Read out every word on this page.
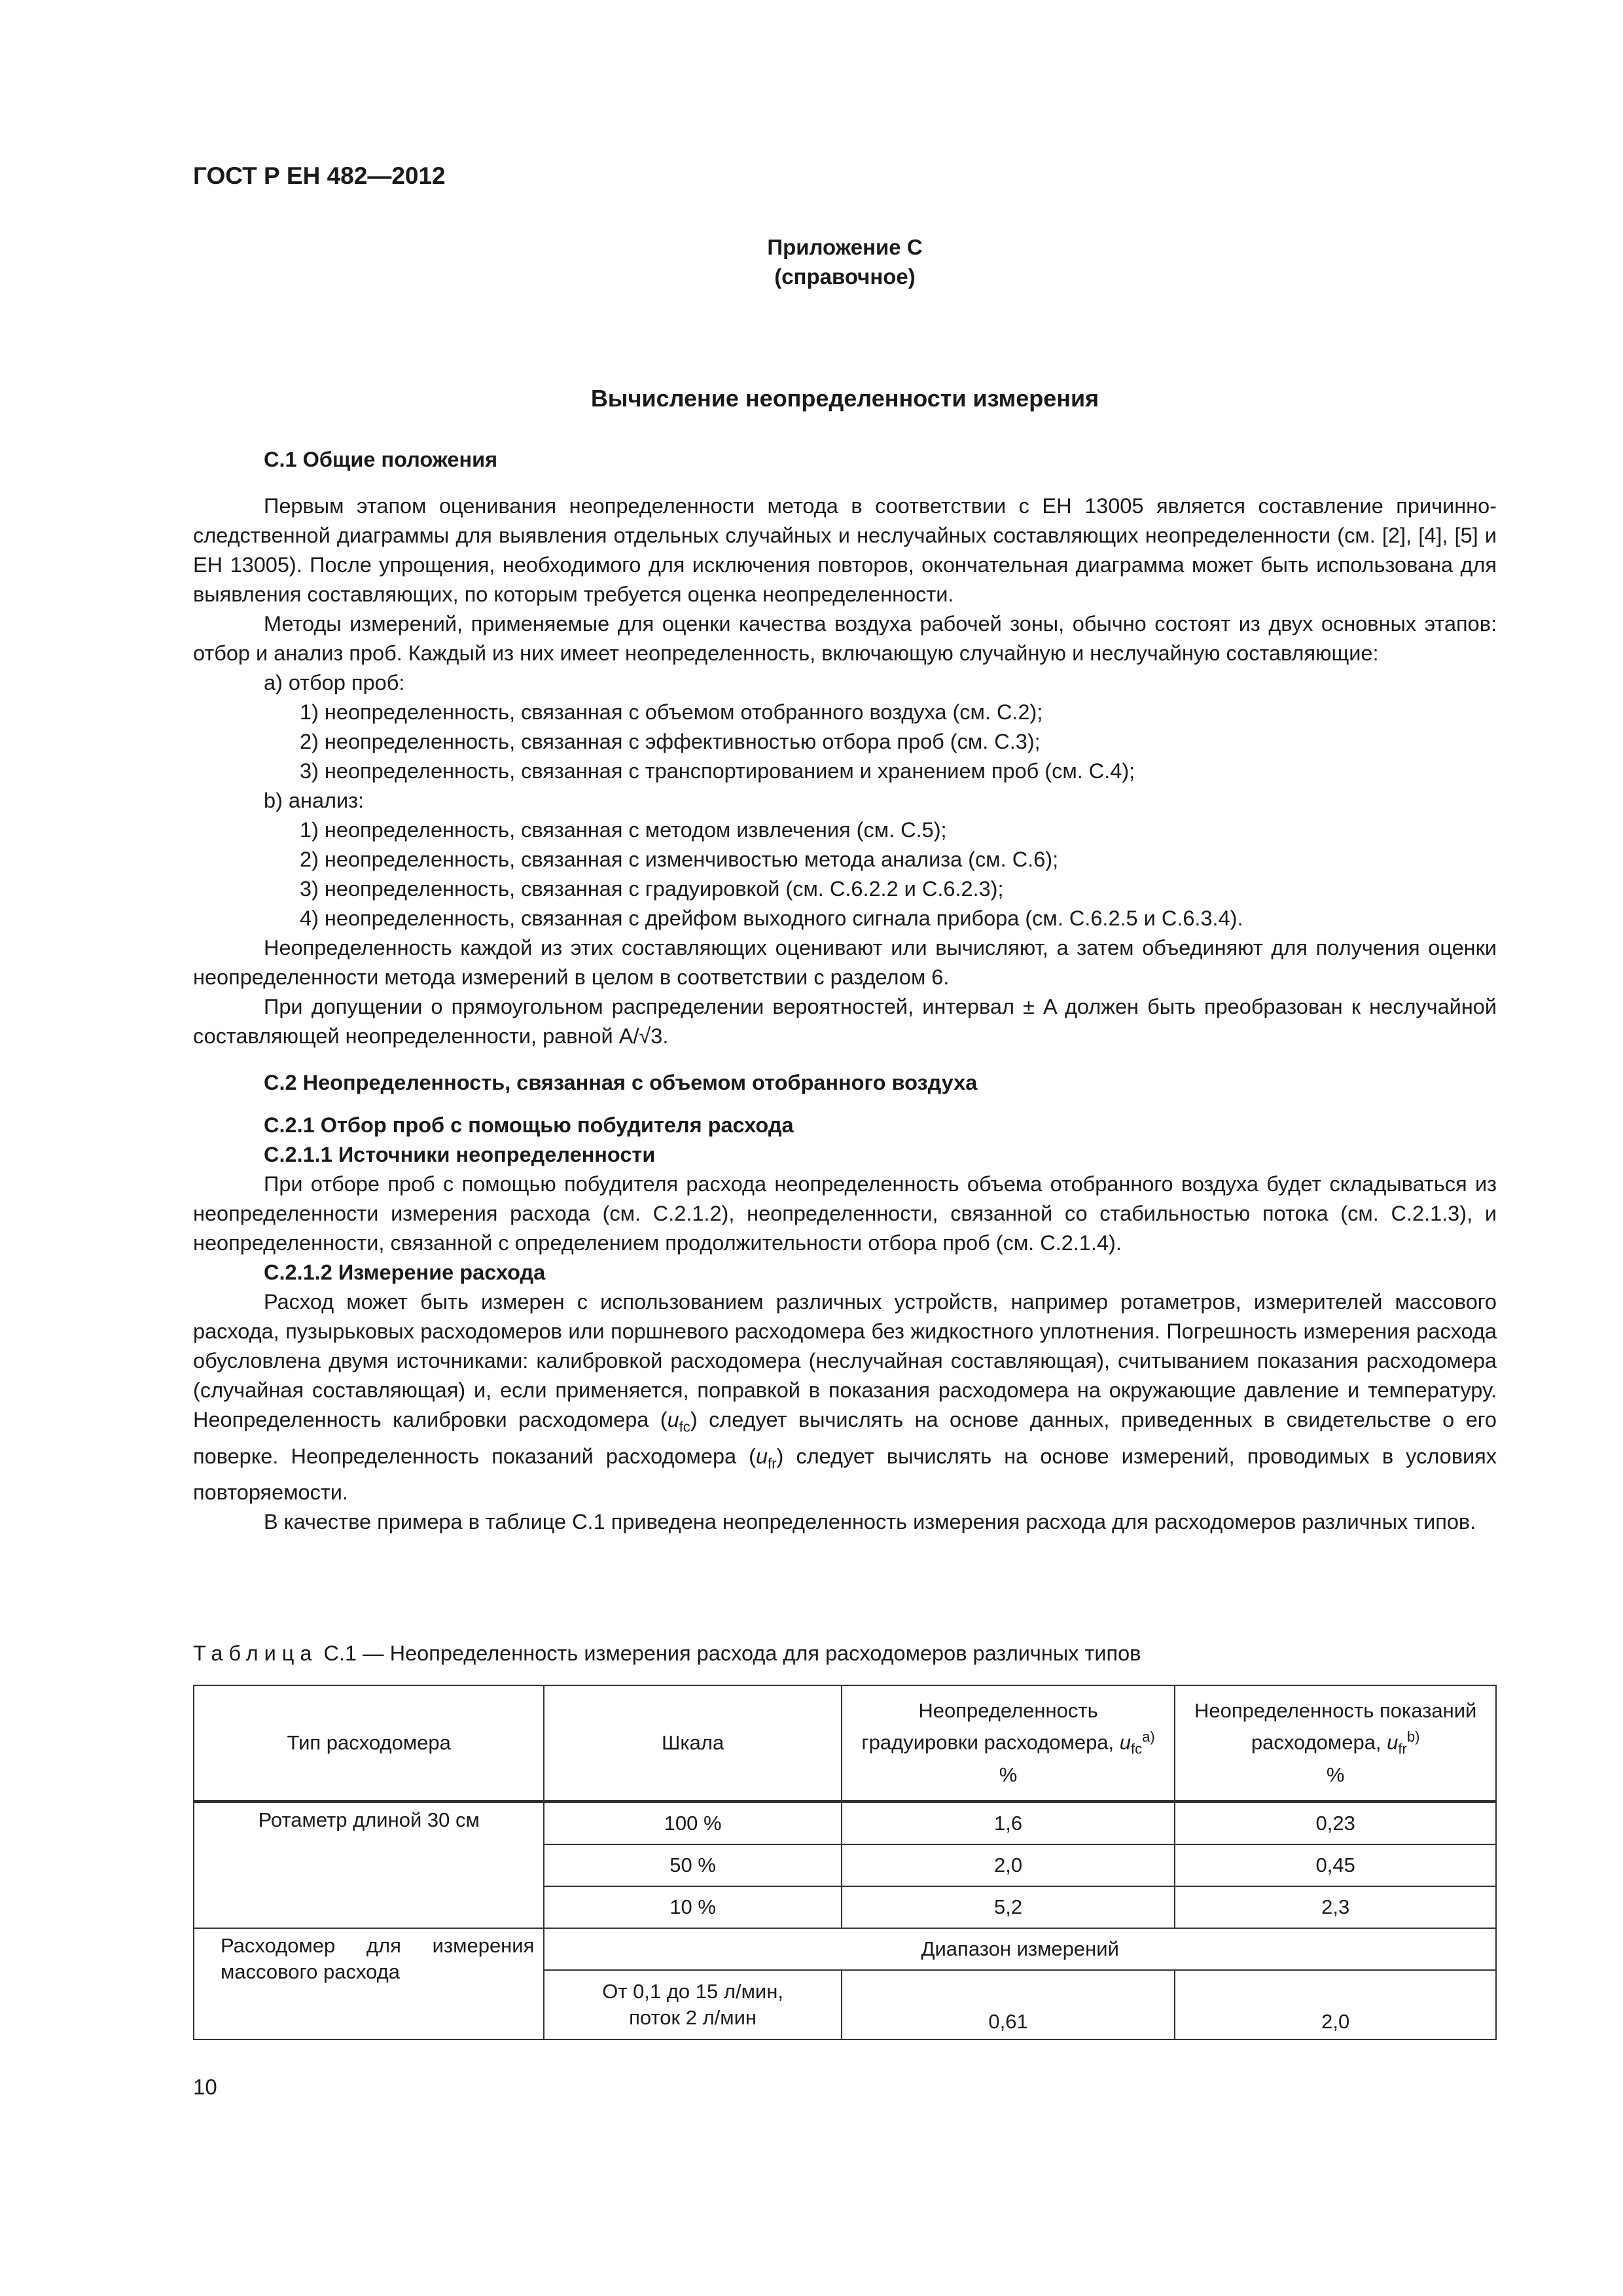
ГОСТ Р ЕН 482—2012
Приложение С
(справочное)
Вычисление неопределенности измерения

С.1 Общие положения

Первым этапом оценивания неопределенности метода в соответствии с ЕН 13005 является составление причинно-следственной диаграммы для выявления отдельных случайных и неслучайных составляющих неопределенности (см. [2], [4], [5] и ЕН 13005). После упрощения, необходимого для исключения повторов, окончательная диаграмма может быть использована для выявления составляющих, по которым требуется оценка неопределенности.

Методы измерений, применяемые для оценки качества воздуха рабочей зоны, обычно состоят из двух основных этапов: отбор и анализ проб. Каждый из них имеет неопределенность, включающую случайную и неслучайную составляющие:

a) отбор проб:

1) неопределенность, связанная с объемом отобранного воздуха (см. С.2);

2) неопределенность, связанная с эффективностью отбора проб (см. С.3);

3) неопределенность, связанная с транспортированием и хранением проб (см. С.4);

b) анализ:

1) неопределенность, связанная с методом извлечения (см. С.5);

2) неопределенность, связанная с изменчивостью метода анализа (см. С.6);

3) неопределенность, связанная с градуировкой (см. С.6.2.2 и С.6.2.3);

4) неопределенность, связанная с дрейфом выходного сигнала прибора (см. С.6.2.5 и С.6.3.4).

Неопределенность каждой из этих составляющих оценивают или вычисляют, а затем объединяют для получения оценки неопределенности метода измерений в целом в соответствии с разделом 6.

При допущении о прямоугольном распределении вероятностей, интервал ± A должен быть преобразован к неслучайной составляющей неопределенности, равной A/√3.

С.2 Неопределенность, связанная с объемом отобранного воздуха

С.2.1 Отбор проб с помощью побудителя расхода

С.2.1.1 Источники неопределенности

При отборе проб с помощью побудителя расхода неопределенность объема отобранного воздуха будет складываться из неопределенности измерения расхода (см. С.2.1.2), неопределенности, связанной со стабильностью потока (см. С.2.1.3), и неопределенности, связанной с определением продолжительности отбора проб (см. С.2.1.4).

С.2.1.2 Измерение расхода

Расход может быть измерен с использованием различных устройств, например ротаметров, измерителей массового расхода, пузырьковых расходомеров или поршневого расходомера без жидкостного уплотнения. Погрешность измерения расхода обусловлена двумя источниками: калибровкой расходомера (неслучайная составляющая), считыванием показания расходомера (случайная составляющая) и, если применяется, поправкой в показания расходомера на окружающие давление и температуру. Неопределенность калибровки расходомера $(u_{fc})$ следует вычислять на основе данных, приведенных в свидетельстве о его поверке. Неопределенность показаний расходомера $(u_{fr})$ следует вычислять на основе измерений, проводимых в условиях повторяемости.

В качестве примера в таблице С.1 приведена неопределенность измерения расхода для расходомеров различных типов.

Таблица С.1 — Неопределенность измерения расхода для расходомеров различных типов
Тип расходомера	Шкала	Неопределенность
градуировки расходомера, $u_{fc}^{a)}$
%	Неопределенность показаний
расходомера, $u_{fr}^{b)}$
%
Ротаметр длиной 30 см	100 %	1,6	0,23
	50 %	2,0	0,45
	10 %	5,2	2,3
Расходомер для измерения массового расхода	Диапазон измерений		
	От 0,1 до 15 л/мин,
поток 2 л/мин	0,61	2,0
10
